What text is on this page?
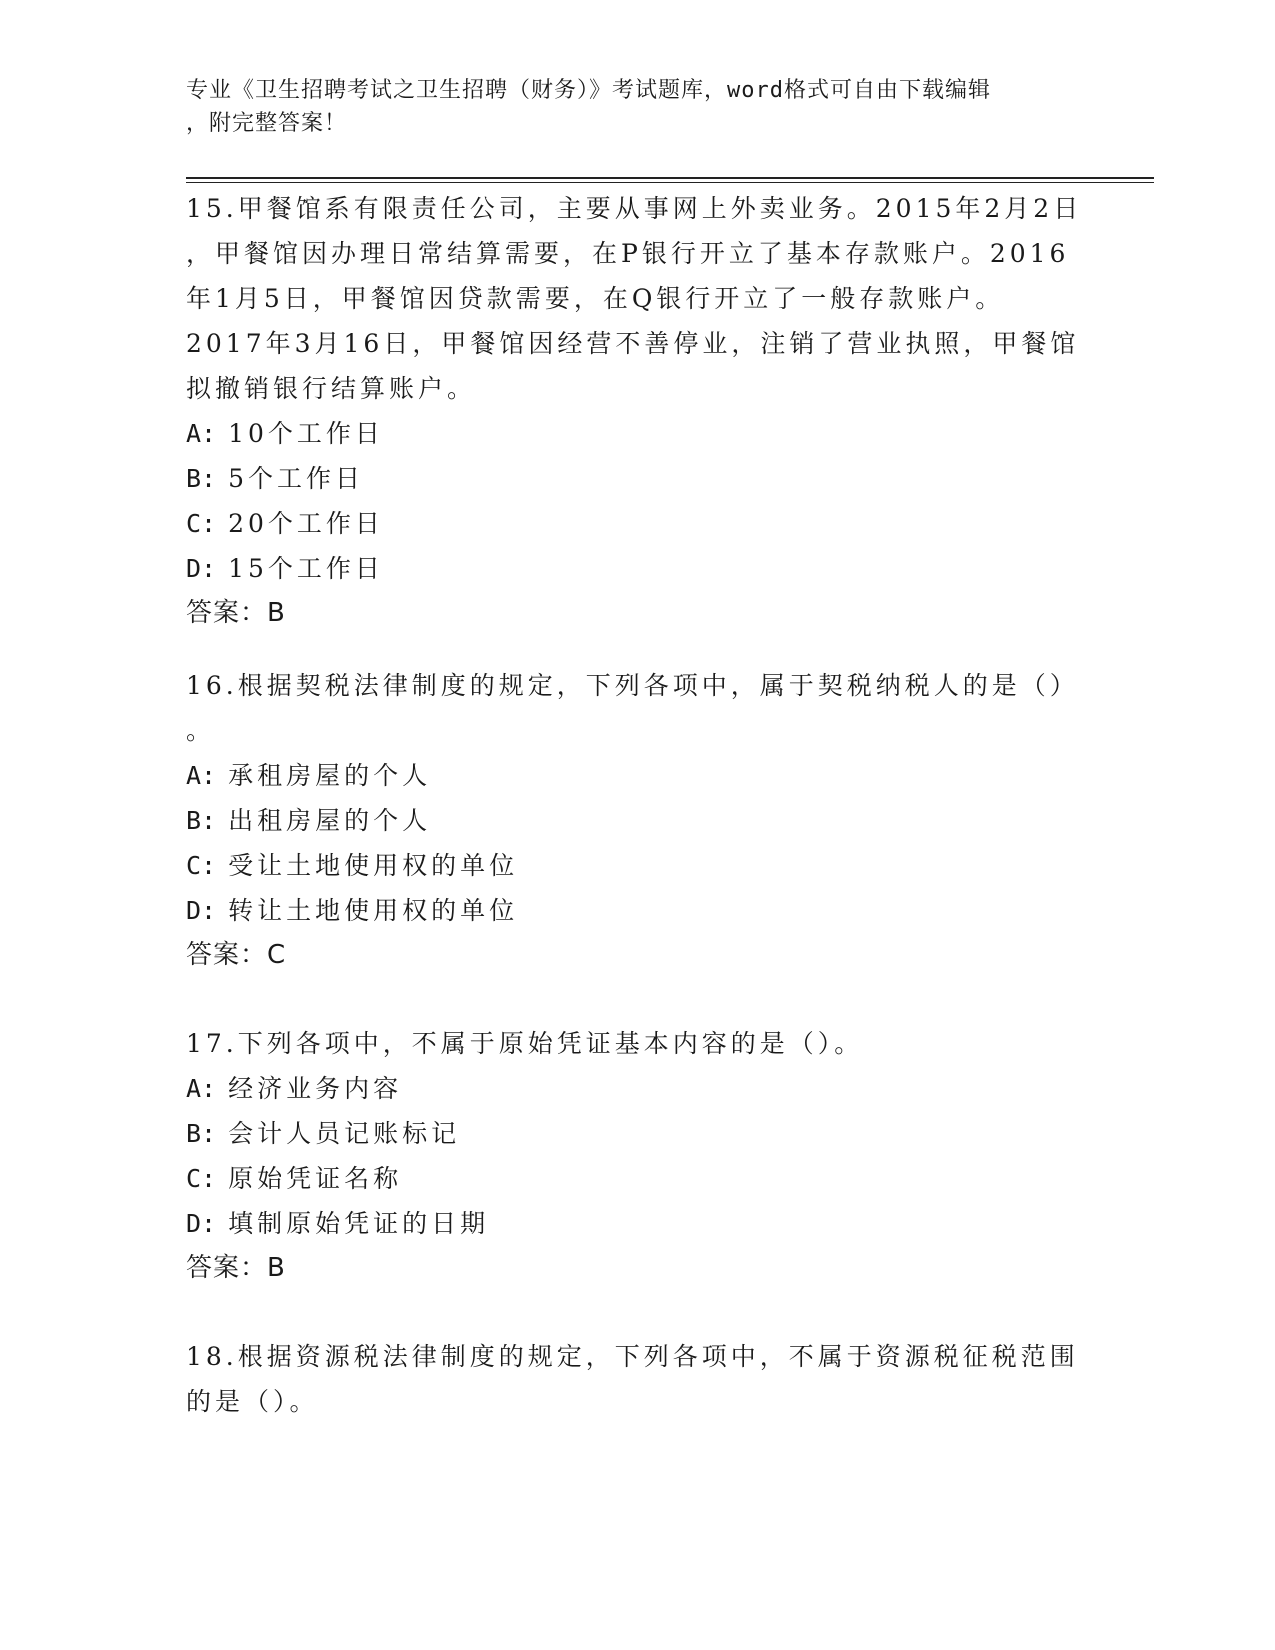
专业《卫生招聘考试之卫生招聘（财务）》考试题库，word格式可自由下载编辑
，附完整答案！
15.甲餐馆系有限责任公司，主要从事网上外卖业务。2015年2月2日
，甲餐馆因办理日常结算需要，在P银行开立了基本存款账户。2016
年1月5日，甲餐馆因贷款需要，在Q银行开立了一般存款账户。
2017年3月16日，甲餐馆因经营不善停业，注销了营业执照，甲餐馆
拟撤销银行结算账户。
A: 10个工作日
B: 5个工作日
C: 20个工作日
D: 15个工作日
答案：B
16.根据契税法律制度的规定，下列各项中，属于契税纳税人的是（）
。
A: 承租房屋的个人
B: 出租房屋的个人
C: 受让土地使用权的单位
D: 转让土地使用权的单位
答案：C
17.下列各项中，不属于原始凭证基本内容的是（）。
A: 经济业务内容
B: 会计人员记账标记
C: 原始凭证名称
D: 填制原始凭证的日期
答案：B
18.根据资源税法律制度的规定，下列各项中，不属于资源税征税范围
的是（）。
